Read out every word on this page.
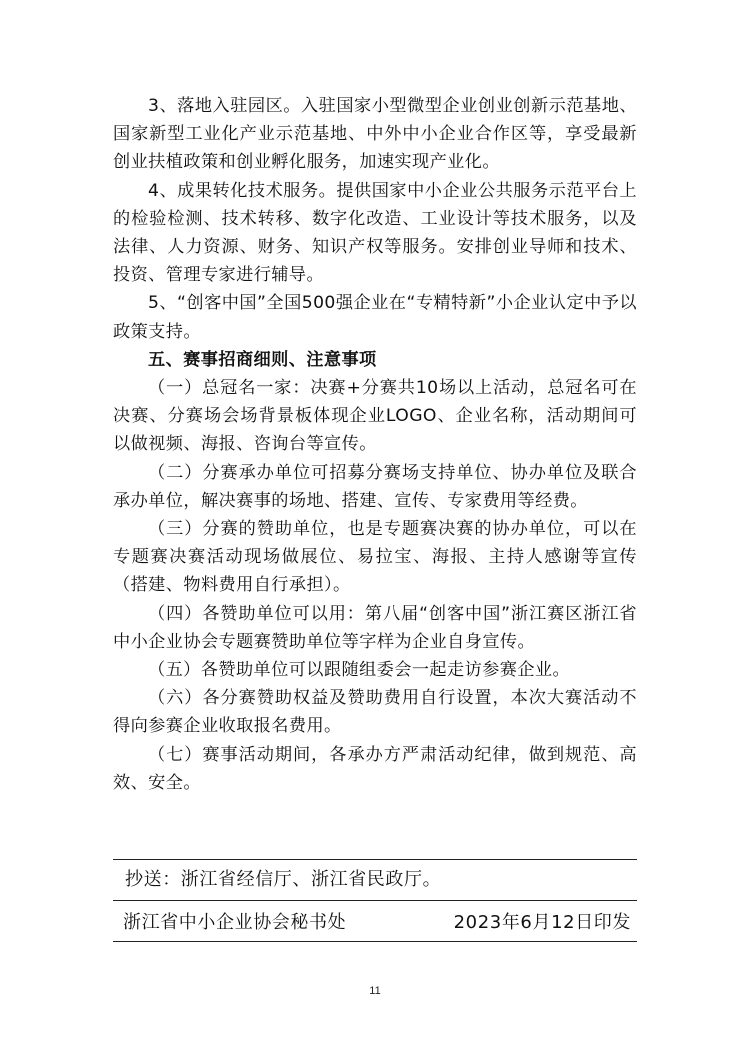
3、落地入驻园区。入驻国家小型微型企业创业创新示范基地、国家新型工业化产业示范基地、中外中小企业合作区等，享受最新创业扶植政策和创业孵化服务，加速实现产业化。

4、成果转化技术服务。提供国家中小企业公共服务示范平台上的检验检测、技术转移、数字化改造、工业设计等技术服务，以及法律、人力资源、财务、知识产权等服务。安排创业导师和技术、投资、管理专家进行辅导。

5、“创客中国”全国500强企业在“专精特新”小企业认定中予以政策支持。

五、赛事招商细则、注意事项

（一）总冠名一家：决赛+分赛共10场以上活动，总冠名可在决赛、分赛场会场背景板体现企业LOGO、企业名称，活动期间可以做视频、海报、咨询台等宣传。

（二）分赛承办单位可招募分赛场支持单位、协办单位及联合承办单位，解决赛事的场地、搭建、宣传、专家费用等经费。

（三）分赛的赞助单位，也是专题赛决赛的协办单位，可以在专题赛决赛活动现场做展位、易拉宝、海报、主持人感谢等宣传（搭建、物料费用自行承担）。

（四）各赞助单位可以用：第八届“创客中国”浙江赛区浙江省中小企业协会专题赛赞助单位等字样为企业自身宣传。

（五）各赞助单位可以跟随组委会一起走访参赛企业。

（六）各分赛赞助权益及赞助费用自行设置，本次大赛活动不得向参赛企业收取报名费用。

（七）赛事活动期间，各承办方严肃活动纪律，做到规范、高效、安全。

抄送：浙江省经信厅、浙江省民政厅。
浙江省中小企业协会秘书处	2023年6月12日印发
11
